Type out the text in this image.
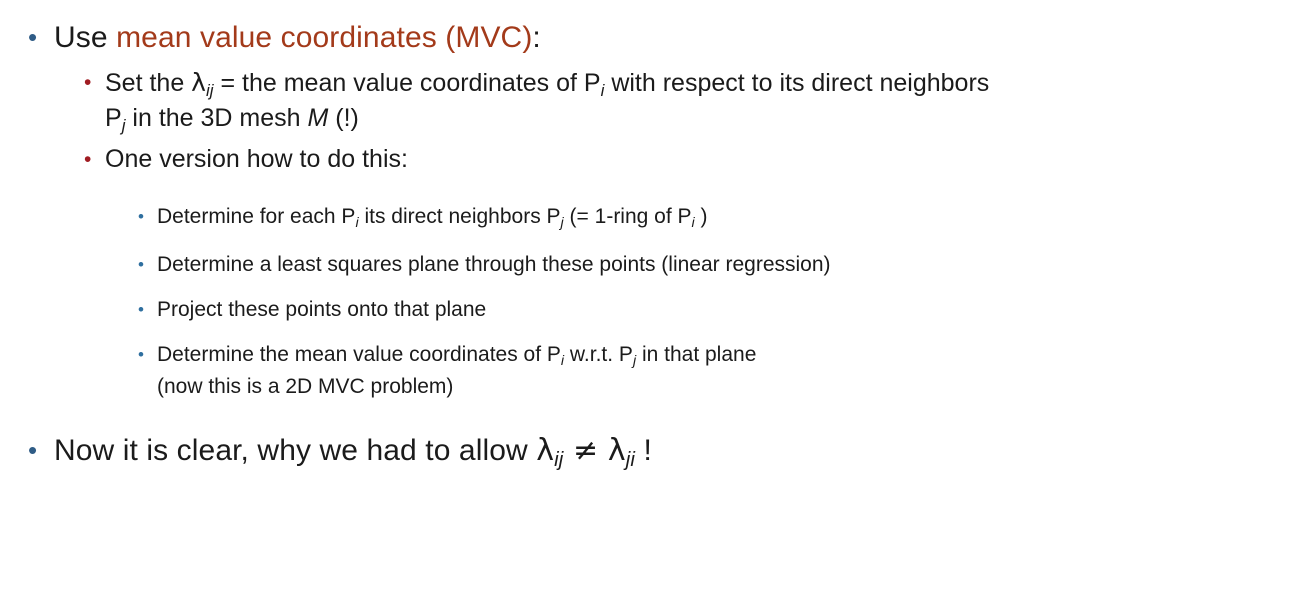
• Use mean value coordinates (MVC):
• Set the $\lambda_{ij}$ = the mean value coordinates of $P_i$ with respect to its direct neighbors
$P_j$ in the 3D mesh M (!)
• One version how to do this:
• Determine for each $P_i$ its direct neighbors $P_j$ (= 1-ring of $P_i$ )
• Determine a least squares plane through these points (linear regression)
• Project these points onto that plane
• Determine the mean value coordinates of $P_i$ w.r.t. $P_j$ in that plane
(now this is a 2D MVC problem)
• Now it is clear, why we had to allow $\lambda_{ij} \ne \lambda_{ji}$ !
